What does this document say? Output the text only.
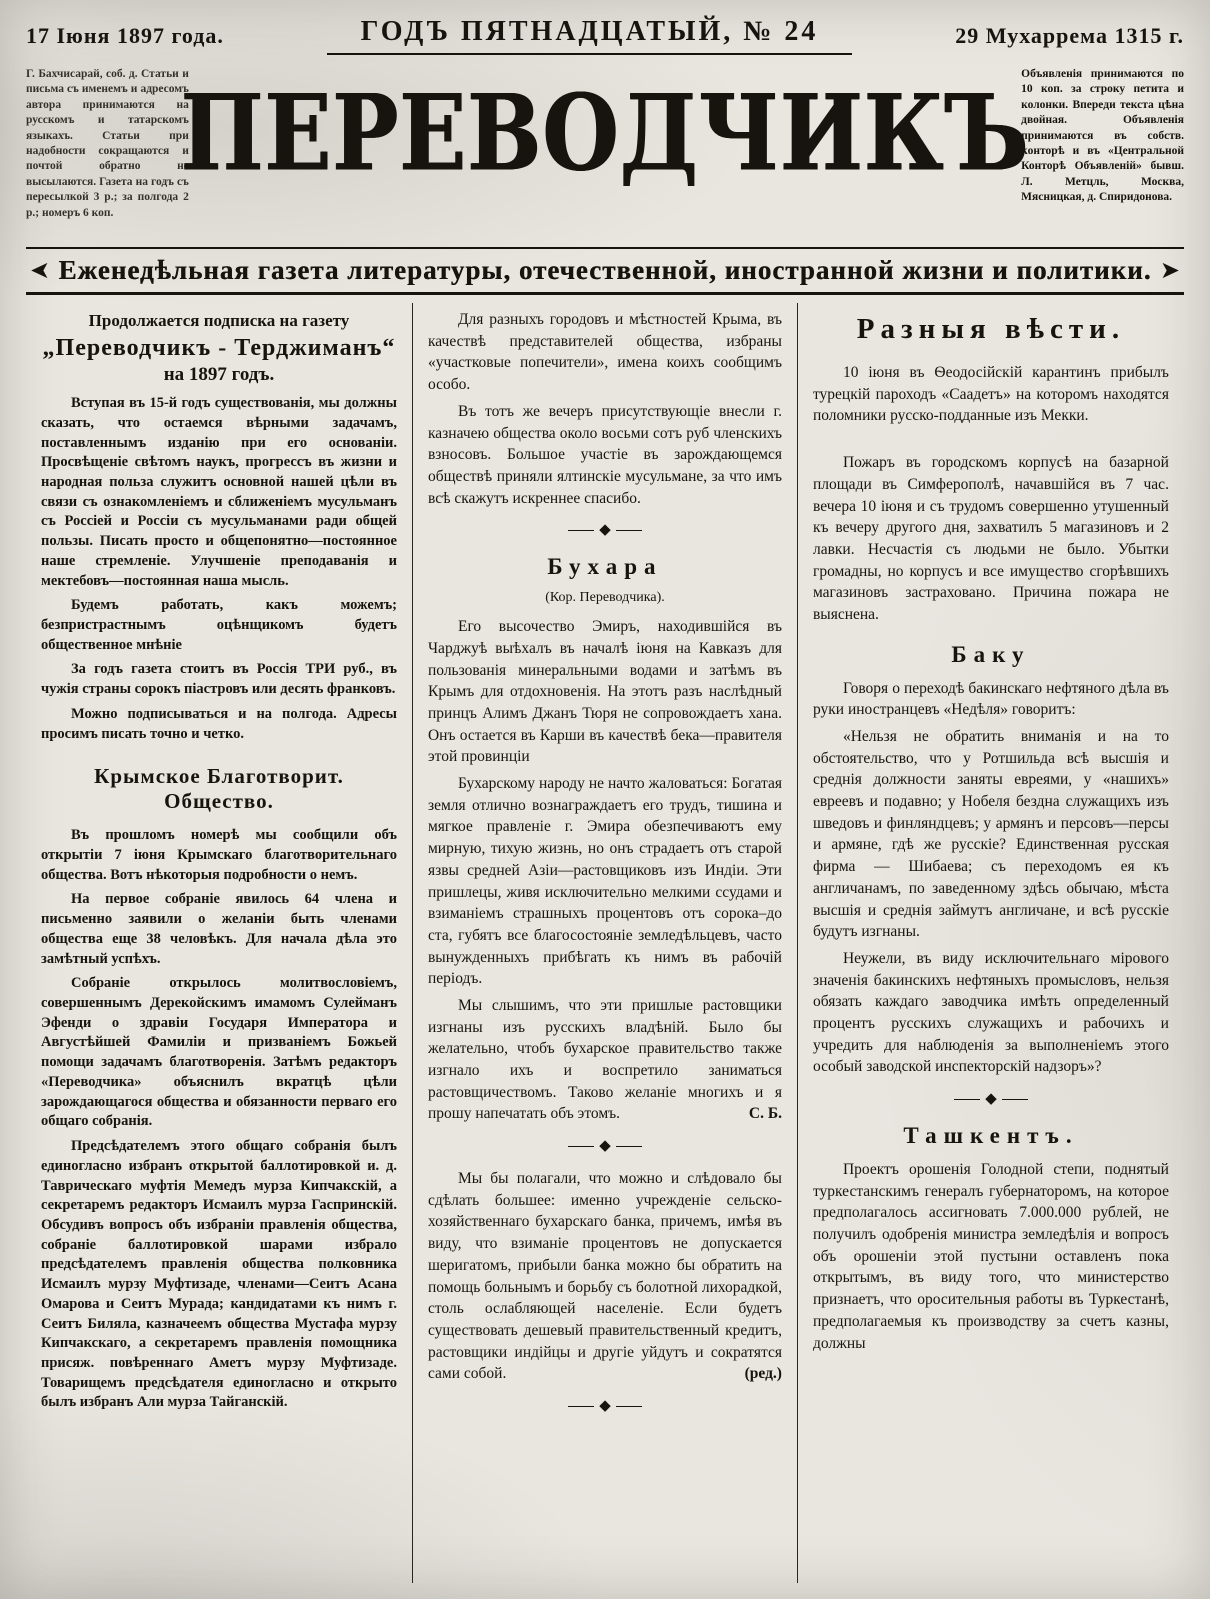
17 Іюня 1897 года.	ГОДЪ ПЯТНАДЦАТЫЙ, № 24	29 Мухаррема 1315 г.
Г. Бахчисарай, соб. д. Статьи и письма съ именемъ и адресомъ автора принимаются на русскомъ и татарскомъ языкахъ. Статьи при надобности сокращаются и почтой обратно не высылаются. Газета на годъ съ пересылкой 3 р.; за полгода 2 р.; номеръ 6 коп.
ПЕРЕВОДЧИКЪ
Объявленія принимаются по 10 коп. за строку петита и колонки. Впереди текста цѣна двойная. Объявленія принимаются въ собств. конторѣ и въ «Центральной Конторѣ Объявленій» бывш. Л. Метцль, Москва, Мясницкая, д. Спиридонова.
➤ Еженедѣльная газета литературы, отечественной, иностранной жизни и политики. ➤

Продолжается подписка на газету

„Переводчикъ - Терджиманъ“

на 1897 годъ.

Вступая въ 15-й годъ существованія, мы должны сказать, что остаемся вѣрными задачамъ, поставленнымъ изданію при его основаніи. Просвѣщеніе свѣтомъ наукъ, прогрессъ въ жизни и народная польза служитъ основной нашей цѣли въ связи съ ознакомленіемъ и сближеніемъ мусульманъ съ Россіей и Россіи съ мусульманами ради общей пользы. Писать просто и общепонятно—постоянное наше стремленіе. Улучшеніе преподаванія и мектебовъ—постоянная наша мысль.

Будемъ работать, какъ можемъ; безпристрастнымъ оцѣнщикомъ будетъ общественное мнѣніе

За годъ газета стоитъ въ Россія ТРИ руб., въ чужія страны сорокъ піастровъ или десять франковъ.

Можно подписываться и на полгода. Адресы просимъ писать точно и четко.

Крымское Благотворит. Общество.

Въ прошломъ номерѣ мы сообщили объ открытіи 7 іюня Крымскаго благотворительнаго общества. Вотъ нѣкоторыя подробности о немъ.

На первое собраніе явилось 64 члена и письменно заявили о желаніи быть членами общества еще 38 человѣкъ. Для начала дѣла это замѣтный успѣхъ.

Собраніе открылось молитвословіемъ, совершеннымъ Дерекойскимъ имамомъ Сулейманъ Эфенди о здравіи Государя Императора и Августѣйшей Фамиліи и призваніемъ Божьей помощи задачамъ благотворенія. Затѣмъ редакторъ «Переводчика» объяснилъ вкратцѣ цѣли зарождающагося общества и обязанности перваго его общаго собранія.

Предсѣдателемъ этого общаго собранія былъ единогласно избранъ открытой баллотировкой и. д. Таврическаго муфтія Мемедъ мурза Кипчакскій, а секретаремъ редакторъ Исмаилъ мурза Гаспринскій. Обсудивъ вопросъ объ избраніи правленія общества, собраніе баллотировкой шарами избрало предсѣдателемъ правленія общества полковника Исмаилъ мурзу Муфтизаде, членами—Сеитъ Асана Омарова и Сеитъ Мурада; кандидатами къ нимъ г. Сеитъ Биляла, казначеемъ общества Мустафа мурзу Кипчакскаго, а секретаремъ правленія помощника присяж. повѣреннаго Аметъ мурзу Муфтизаде. Товарищемъ предсѣдателя единогласно и открыто былъ избранъ Али мурза Тайганскій.

Для разныхъ городовъ и мѣстностей Крыма, въ качествѣ представителей общества, избраны «участковые попечители», имена коихъ сообщимъ особо.

Въ тотъ же вечеръ присутствующіе внесли г. казначею общества около восьми сотъ руб членскихъ взносовъ. Большое участіе въ зарождающемся обществѣ приняли ялтинскіе мусульмане, за что имъ всѣ скажутъ искреннее спасибо.

◆

Бухара

(Кор. Переводчика).

Его высочество Эмиръ, находившійся въ Чарджуѣ выѣхалъ въ началѣ іюня на Кавказъ для пользованія минеральными водами и затѣмъ въ Крымъ для отдохновенія. На этотъ разъ наслѣдный принцъ Алимъ Джанъ Тюря не сопровождаетъ хана. Онъ остается въ Карши въ качествѣ бека—правителя этой провинціи

Бухарскому народу не начто жаловаться: Богатая земля отлично вознаграждаетъ его трудъ, тишина и мягкое правленіе г. Эмира обезпечиваютъ ему мирную, тихую жизнь, но онъ страдаетъ отъ старой язвы средней Азіи—растовщиковъ изъ Индіи. Эти пришлецы, живя исключительно мелкими ссудами и взиманіемъ страшныхъ процентовъ отъ сорока–до ста, губятъ все благосостояніе земледѣльцевъ, часто вынужденныхъ прибѣгать къ нимъ въ рабочій періодъ.

Мы слышимъ, что эти пришлые растовщики изгнаны изъ русскихъ владѣній. Было бы желательно, чтобъ бухарское правительство также изгнало ихъ и воспретило заниматься растовщичествомъ. Таково желаніе многихъ и я прошу напечатать объ этомъ.	С. Б.

◆

Мы бы полагали, что можно и слѣдовало бы сдѣлать большее: именно учрежденіе сельско-хозяйственнаго бухарскаго банка, причемъ, имѣя въ виду, что взиманіе процентовъ не допускается шеригатомъ, прибыли банка можно бы обратить на помощь больнымъ и борьбу съ болотной лихорадкой, столь ослабляющей населеніе. Если будетъ существовать дешевый правительственный кредитъ, растовщики индійцы и другіе уйдутъ и сократятся сами собой.	(ред.)

◆

Разныя вѣсти.

10 іюня въ Ѳеодосійскій карантинъ прибылъ турецкій пароходъ «Саадетъ» на которомъ находятся поломники русско-подданные изъ Мекки.

Пожаръ въ городскомъ корпусѣ на базарной площади въ Симферополѣ, начавшійся въ 7 час. вечера 10 іюня и съ трудомъ совершенно утушенный къ вечеру другого дня, захватилъ 5 магазиновъ и 2 лавки. Несчастія съ людьми не было. Убытки громадны, но корпусъ и все имущество сгорѣвшихъ магазиновъ застраховано. Причина пожара не выяснена.

Баку

Говоря о переходѣ бакинскаго нефтяного дѣла въ руки иностранцевъ «Недѣля» говоритъ:

«Нельзя не обратить вниманія и на то обстоятельство, что у Ротшильда всѣ высшія и среднія должности заняты евреями, у «нашихъ» евреевъ и подавно; у Нобеля бездна служащихъ изъ шведовъ и финляндцевъ; у армянъ и персовъ—персы и армяне, гдѣ же русскіе? Единственная русская фирма — Шибаева; съ переходомъ ея къ англичанамъ, по заведенному здѣсь обычаю, мѣста высшія и среднія займутъ англичане, и всѣ русскіе будутъ изгнаны.

Неужели, въ виду исключительнаго мірового значенія бакинскихъ нефтяныхъ промысловъ, нельзя обязать каждаго заводчика имѣть определенный процентъ русскихъ служащихъ и рабочихъ и учредить для наблюденія за выполненіемъ этого особый заводской инспекторскій надзоръ»?

◆

Ташкентъ.

Проектъ орошенія Голодной степи, поднятый туркестанскимъ генералъ губернаторомъ, на которое предполагалось ассигновать 7.000.000 рублей, не получилъ одобренія министра земледѣлія и вопросъ объ орошеніи этой пустыни оставленъ пока открытымъ, въ виду того, что министерство признаетъ, что оросительныя работы въ Туркестанѣ, предполагаемыя къ производству за счетъ казны, должны
